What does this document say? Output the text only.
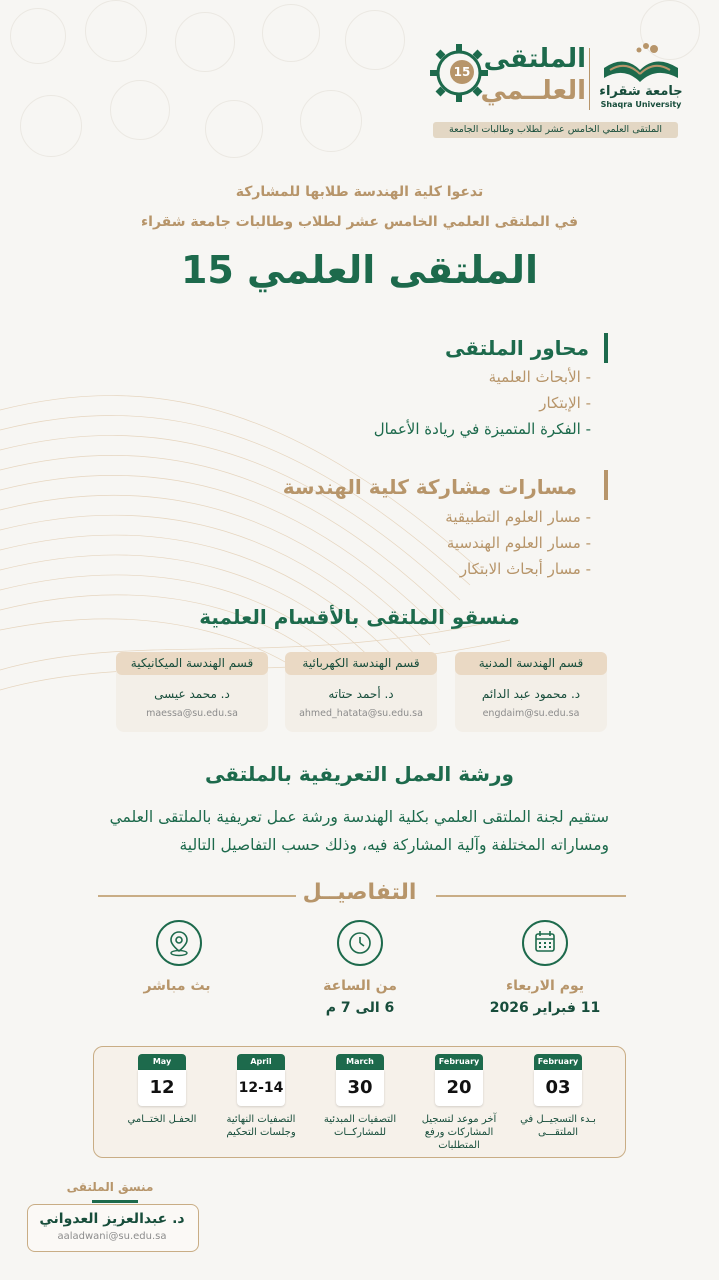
جامعة شقراء
Shaqra University
15 الملتقى
العلــمي
الملتقى العلمي الخامس عشر لطلاب وطالبات الجامعة
تدعوا كلية الهندسة طلابها للمشاركة
في الملتقى العلمي الخامس عشر لطلاب وطالبات جامعة شقراء
الملتقى العلمي 15
محاور الملتقى
- الأبحاث العلمية
- الإبتكار
- الفكرة المتميزة في ريادة الأعمال
مسارات مشاركة كلية الهندسة
- مسار العلوم التطبيقية
- مسار العلوم الهندسية
- مسار أبحاث الابتكار
منسقو الملتقى بالأقسام العلمية
قسم الهندسة المدنية
د. محمود عبد الدائم
engdaim@su.edu.sa
قسم الهندسة الكهربائية
د. أحمد حتاته
ahmed_hatata@su.edu.sa
قسم الهندسة الميكانيكية
د. محمد عيسى
maessa@su.edu.sa
ورشة العمل التعريفية بالملتقى
ستقيم لجنة الملتقى العلمي بكلية الهندسة ورشة عمل تعريفية بالملتقى العلمي ومساراته المختلفة وآلية المشاركة فيه، وذلك حسب التفاصيل التالية
التفاصيــل
يوم الاربعاء
11 فبراير 2026
من الساعة
6 الى 7 م
بث مباشر
February
03
بـدء التسجيــل في الملتقـــى
February
20
آخر موعد لتسجيل المشاركات ورفع المتطلبات
March
30
التصفيات المبدئية للمشاركــات
April
12-14
التصفيات النهائية وجلسات التحكيم
May
12
الحفـل الختــامي
منسق الملتقى
د. عبدالعزيز العدواني
aaladwani@su.edu.sa
